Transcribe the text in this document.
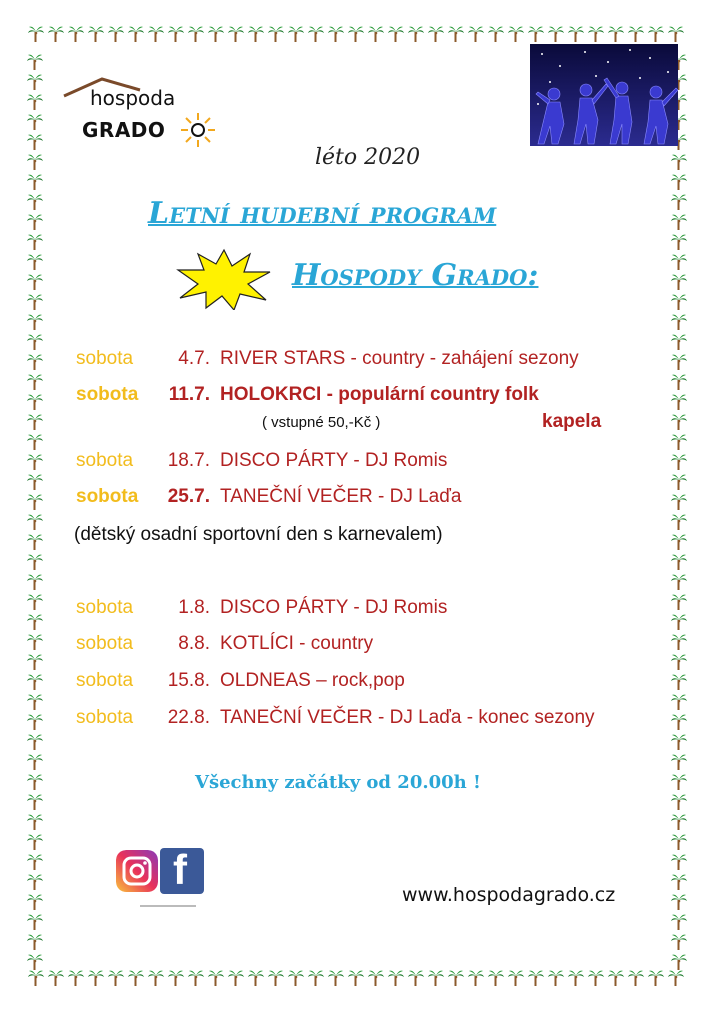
hospoda
GRADO
léto 2020
Letní hudební program
Hospody Grado:
sobota	4.7. RIVER STARS - country - zahájení sezony
sobota	11.7. HOLOKRCI - populární country folk
( vstupné 50,-Kč )	kapela
sobota	18.7. DISCO PÁRTY - DJ Romis
sobota	25.7. TANEČNÍ VEČER - DJ Laďa
(dětský osadní sportovní den s karnevalem)
sobota	1.8. DISCO PÁRTY - DJ Romis
sobota	8.8. KOTLÍCI - country
sobota	15.8. OLDNEAS – rock,pop
sobota	22.8. TANEČNÍ VEČER - DJ Laďa - konec sezony
Všechny začátky od 20.00h !
f
www.hospodagrado.cz
